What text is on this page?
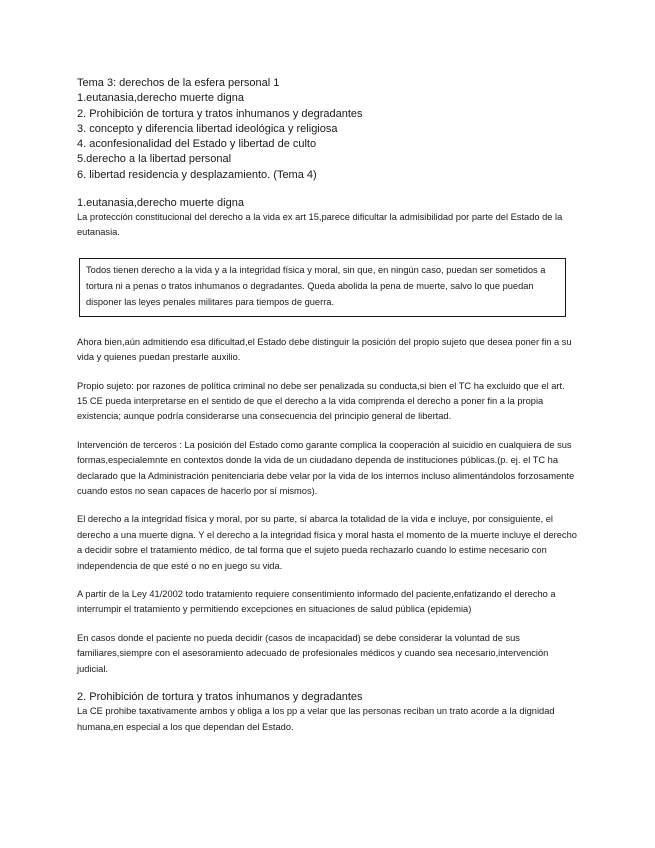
Tema 3: derechos de la esfera personal 1
1.eutanasia,derecho muerte digna
2. Prohibición de tortura y tratos inhumanos y degradantes
3. concepto y diferencia libertad ideológica y religiosa
4. aconfesionalidad del Estado y libertad de culto
5.derecho a la libertad personal
6. libertad residencia y desplazamiento. (Tema 4)
1.eutanasia,derecho muerte digna

La protección constitucional del derecho a la vida ex art 15,parece dificultar la admisibilidad por parte del Estado de la eutanasia.

Todos tienen derecho a la vida y a la integridad física y moral, sin que, en ningún caso, puedan ser sometidos a tortura ni a penas o tratos inhumanos o degradantes. Queda abolida la pena de muerte, salvo lo que puedan disponer las leyes penales militares para tiempos de guerra.

Ahora bien,aún admitiendo esa dificultad,el Estado debe distinguir la posición del propio sujeto que desea poner fin a su vida y quienes puedan prestarle auxilio.

Propio sujeto: por razones de política criminal no debe ser penalizada su conducta,si bien el TC ha excluido que el art. 15 CE pueda interpretarse en el sentido de que el derecho a la vida comprenda el derecho a poner fin a la propia existencia; aunque podría considerarse una consecuencia del principio general de libertad.

Intervención de terceros : La posición del Estado como garante complica la cooperación al suicidio en cualquiera de sus formas,especialemnte en contextos donde la vida de un ciudadano dependa de instituciones públicas.(p. ej. el TC ha declarado que la Administración penitenciaria debe velar por la vida de los internos incluso alimentándolos forzosamente cuando estos no sean capaces de hacerlo por sí mismos).

El derecho a la integridad física y moral, por su parte, sí abarca la totalidad de la vida e incluye, por consiguiente, el derecho a una muerte digna. Y el derecho a la integridad física y moral hasta el momento de la muerte incluye el derecho a decidir sobre el tratamiento médico, de tal forma que el sujeto pueda rechazarlo cuando lo estime necesario con independencia de que esté o no en juego su vida.

A partir de la Ley 41/2002 todo tratamiento requiere consentimiento informado del paciente,enfatizando el derecho a interrumpir el tratamiento y permitiendo excepciones en situaciones de salud pública (epidemia)

En casos donde el paciente no pueda decidir (casos de incapacidad) se debe considerar la voluntad de sus familiares,siempre con el asesoramiento adecuado de profesionales médicos y cuando sea necesario,intervención judicial.

2. Prohibición de tortura y tratos inhumanos y degradantes

La CE prohibe taxativamente ambos y obliga a los pp a velar que las personas reciban un trato acorde a la dignidad humana,en especial a los que dependan del Estado.
